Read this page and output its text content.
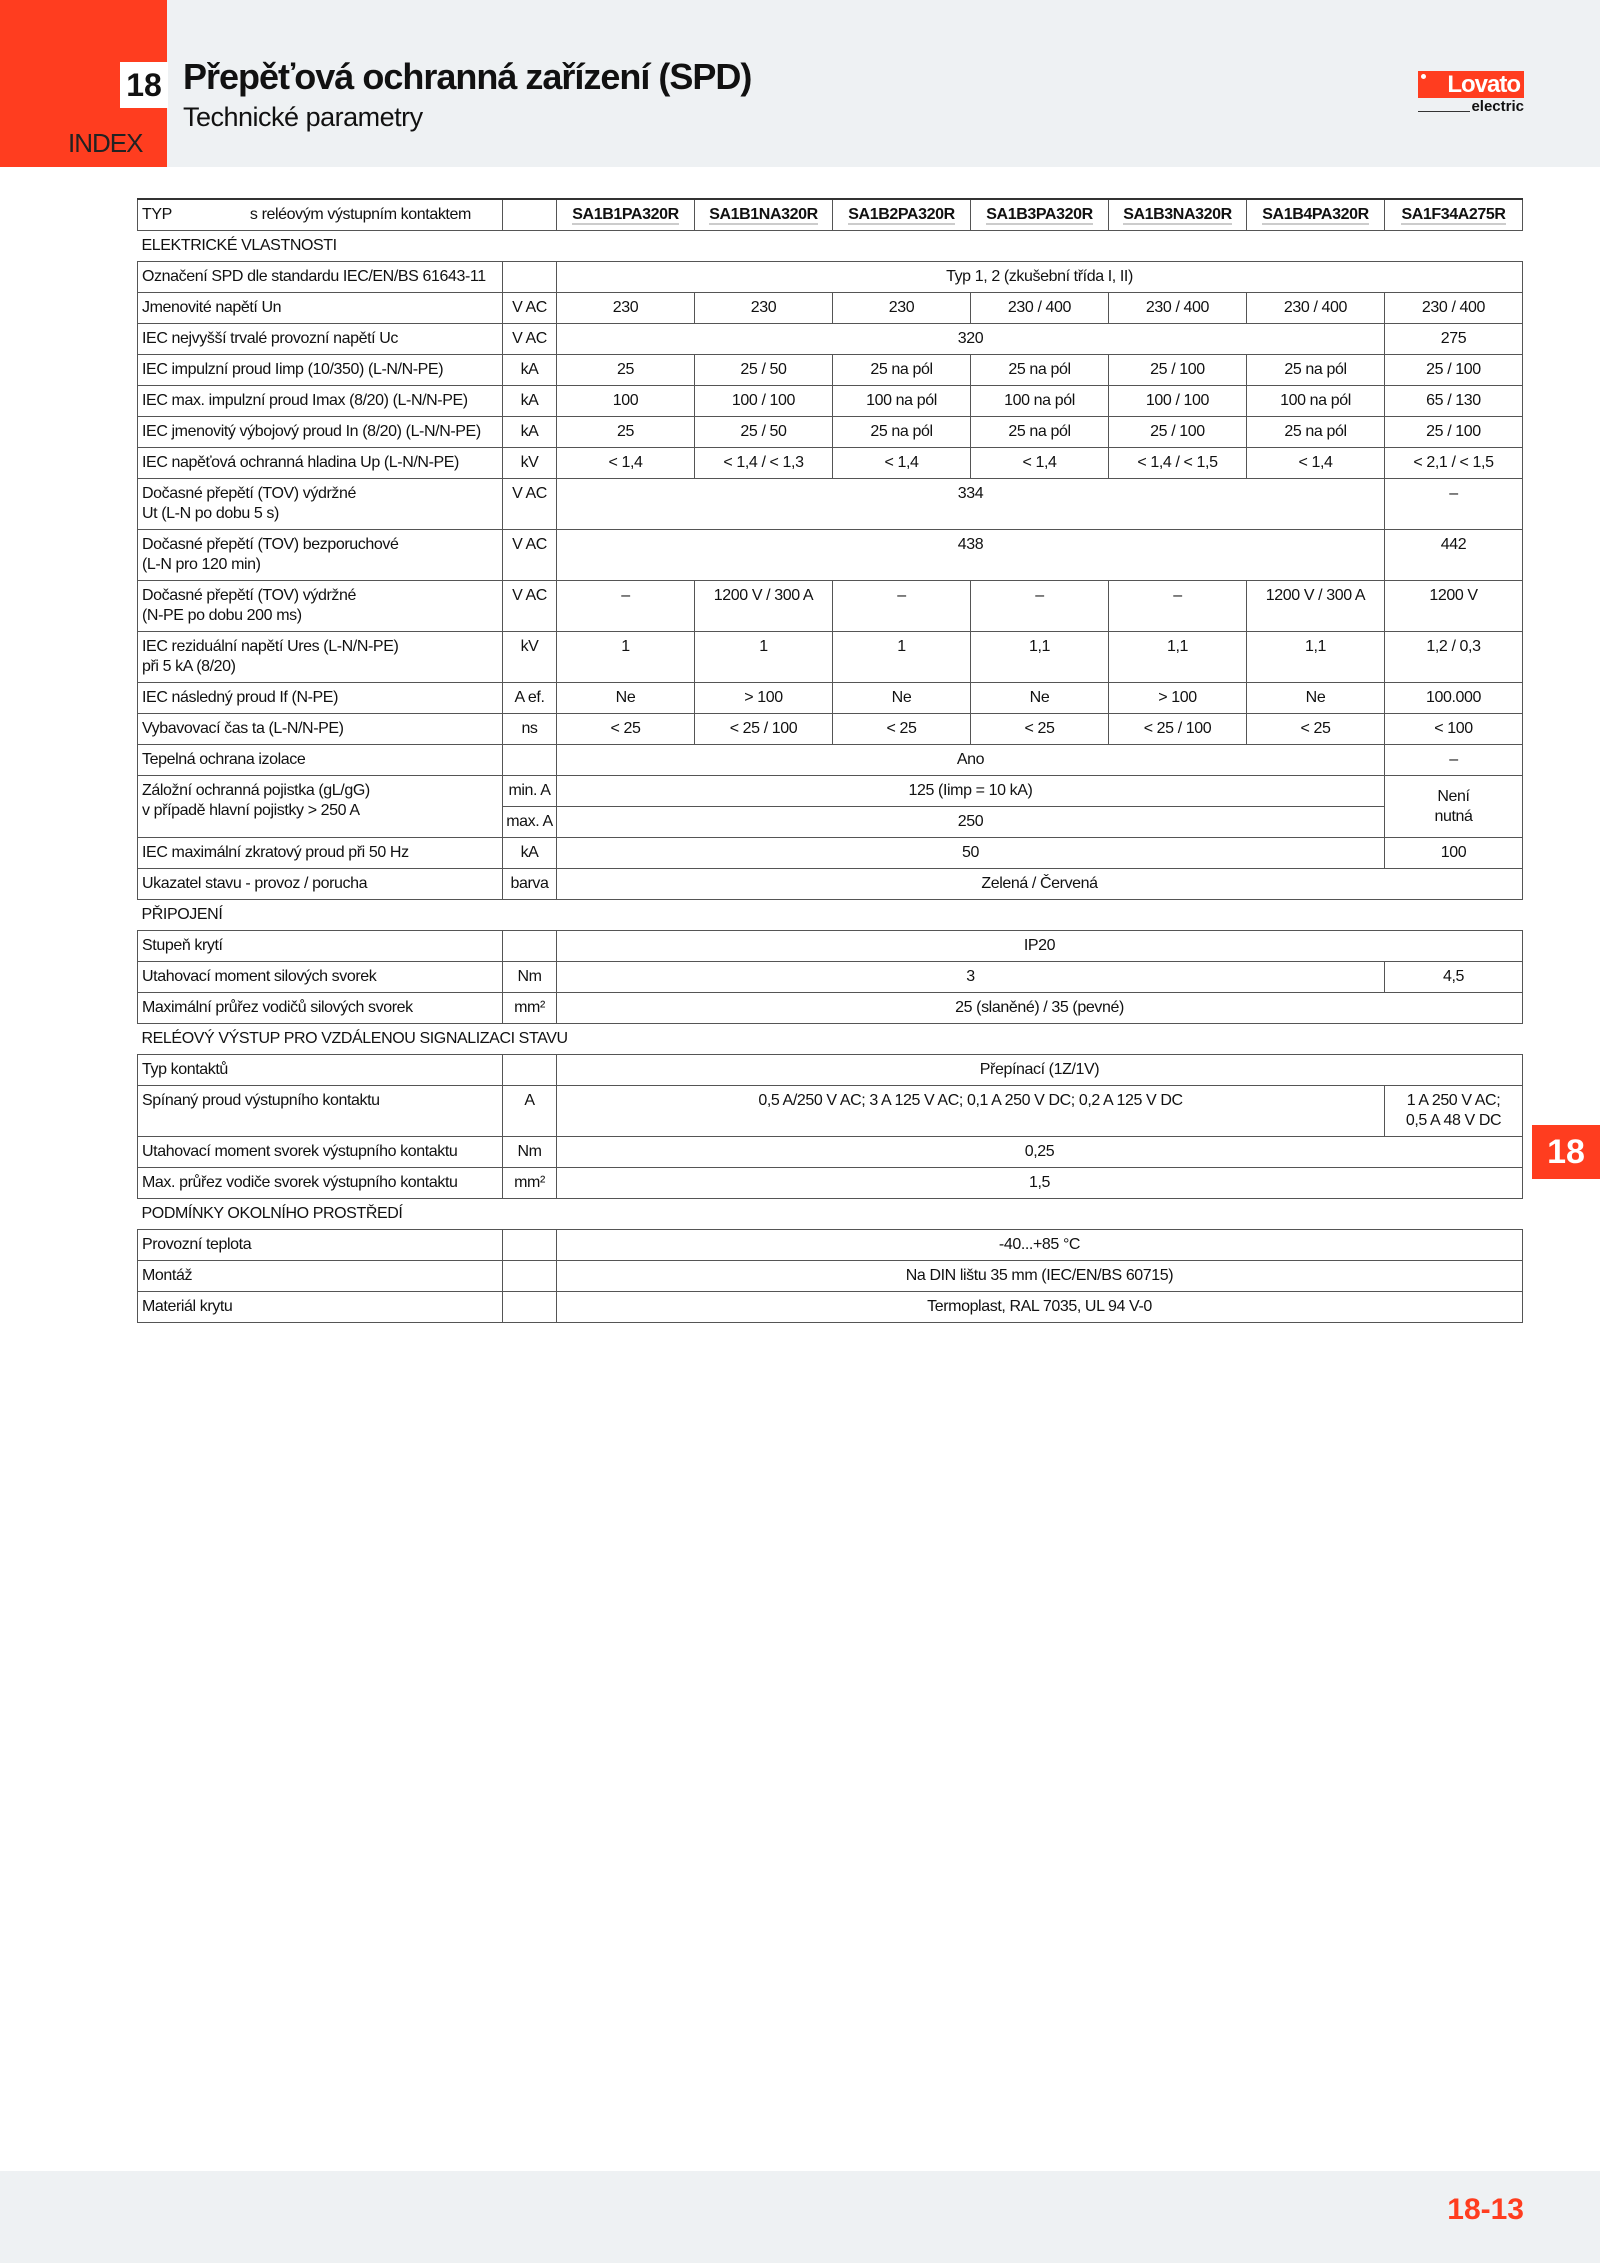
18
INDEX
Přepěťová ochranná zařízení (SPD)
Technické parametry
Lovato
electric
TYP s reléovým výstupním kontaktem		SA1B1PA320R	SA1B1NA320R	SA1B2PA320R	SA1B3PA320R	SA1B3NA320R	SA1B4PA320R	SA1F34A275R
ELEKTRICKÉ VLASTNOSTI								
Označení SPD dle standardu IEC/EN/BS 61643-11		Typ 1, 2 (zkušební třída I, II)						
Jmenovité napětí Un	V AC	230	230	230	230 / 400	230 / 400	230 / 400	230 / 400
IEC nejvyšší trvalé provozní napětí Uc	V AC	320						275
IEC impulzní proud Iimp (10/350) (L-N/N-PE)	kA	25	25 / 50	25 na pól	25 na pól	25 / 100	25 na pól	25 / 100
IEC max. impulzní proud Imax (8/20) (L-N/N-PE)	kA	100	100 / 100	100 na pól	100 na pól	100 / 100	100 na pól	65 / 130
IEC jmenovitý výbojový proud In (8/20) (L-N/N-PE)	kA	25	25 / 50	25 na pól	25 na pól	25 / 100	25 na pól	25 / 100
IEC napěťová ochranná hladina Up (L-N/N-PE)	kV	< 1,4	< 1,4 / < 1,3	< 1,4	< 1,4	< 1,4 / < 1,5	< 1,4	< 2,1 / < 1,5
Dočasné přepětí (TOV) výdržné
Ut (L-N po dobu 5 s)	V AC	334						–
Dočasné přepětí (TOV) bezporuchové
(L-N pro 120 min)	V AC	438						442
Dočasné přepětí (TOV) výdržné
(N-PE po dobu 200 ms)	V AC	–	1200 V / 300 A	–	–	–	1200 V / 300 A	1200 V
IEC reziduální napětí Ures (L-N/N-PE)
při 5 kA (8/20)	kV	1	1	1	1,1	1,1	1,1	1,2 / 0,3
IEC následný proud If (N-PE)	A ef.	Ne	> 100	Ne	Ne	> 100	Ne	100.000
Vybavovací čas ta (L-N/N-PE)	ns	< 25	< 25 / 100	< 25	< 25	< 25 / 100	< 25	< 100
Tepelná ochrana izolace		Ano						–
Záložní ochranná pojistka (gL/gG)
v případě hlavní pojistky > 250 A	min. A	125 (Iimp = 10 kA)						Není
nutná
	max. A	250						
IEC maximální zkratový proud při 50 Hz	kA	50						100
Ukazatel stavu - provoz / porucha	barva	Zelená / Červená						
PŘIPOJENÍ								
Stupeň krytí		IP20						
Utahovací moment silových svorek	Nm	3						4,5
Maximální průřez vodičů silových svorek	mm²	25 (slaněné) / 35 (pevné)						
RELÉOVÝ VÝSTUP PRO VZDÁLENOU SIGNALIZACI STAVU								
Typ kontaktů		Přepínací (1Z/1V)						
Spínaný proud výstupního kontaktu	A	0,5 A/250 V AC; 3 A 125 V AC; 0,1 A 250 V DC; 0,2 A 125 V DC						1 A 250 V AC;
0,5 A 48 V DC
Utahovací moment svorek výstupního kontaktu	Nm	0,25						
Max. průřez vodiče svorek výstupního kontaktu	mm²	1,5						
PODMÍNKY OKOLNÍHO PROSTŘEDÍ								
Provozní teplota		-40...+85 °C						
Montáž		Na DIN lištu 35 mm (IEC/EN/BS 60715)						
Materiál krytu		Termoplast, RAL 7035, UL 94 V-0						
18
18-13
